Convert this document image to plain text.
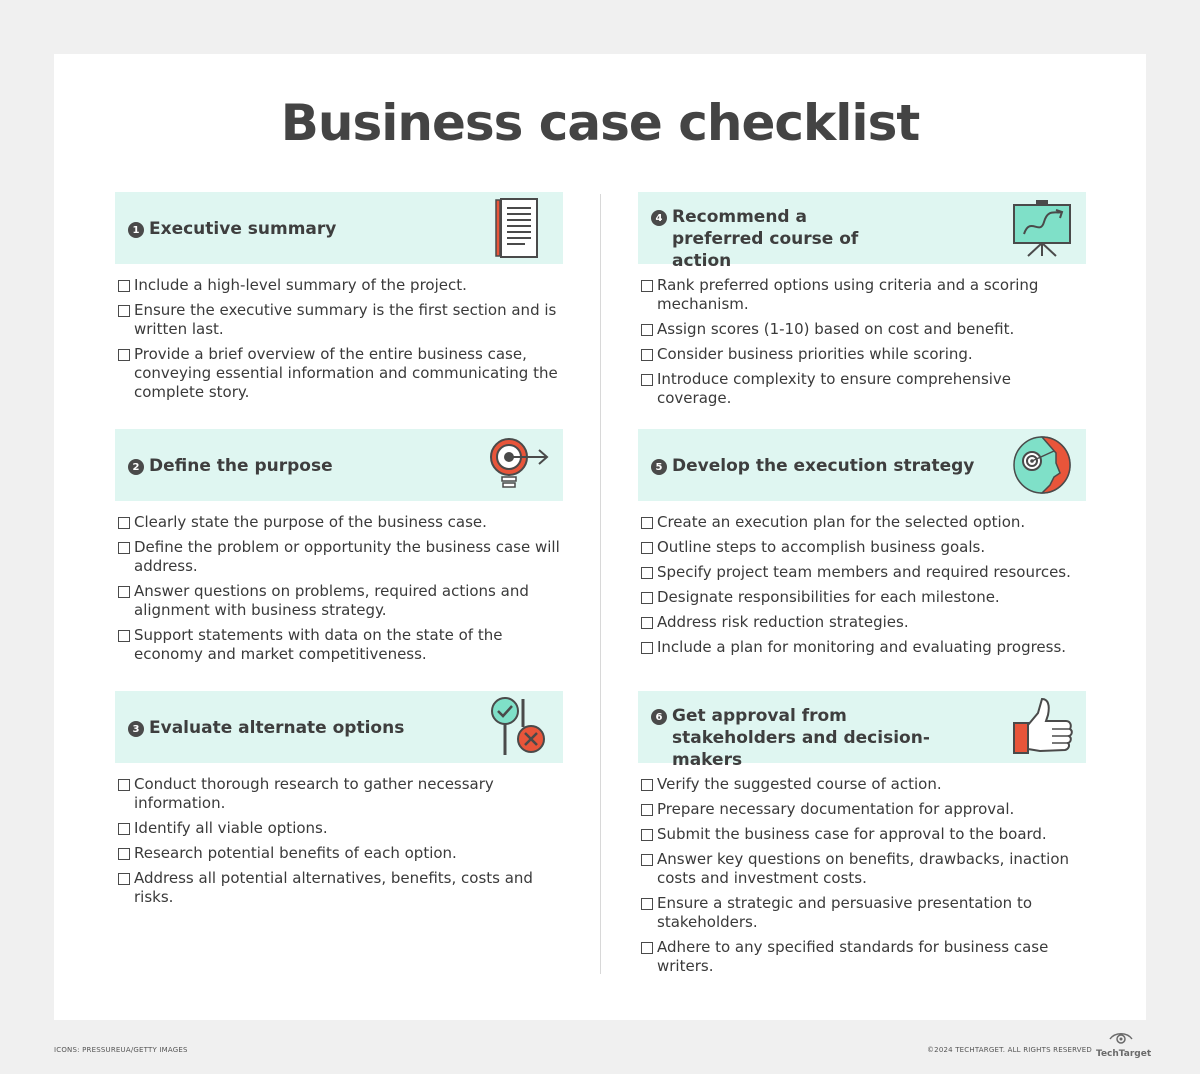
Business case checklist
1 Executive summary
Include a high-level summary of the project.
Ensure the executive summary is the first section and is written last.
Provide a brief overview of the entire business case, conveying essential information and communicating the complete story.
2 Define the purpose
Clearly state the purpose of the business case.
Define the problem or opportunity the business case will address.
Answer questions on problems, required actions and alignment with business strategy.
Support statements with data on the state of the economy and market competitiveness.
3 Evaluate alternate options
Conduct thorough research to gather necessary information.
Identify all viable options.
Research potential benefits of each option.
Address all potential alternatives, benefits, costs and risks.
4 Recommend a preferred course of action
Rank preferred options using criteria and a scoring mechanism.
Assign scores (1-10) based on cost and benefit.
Consider business priorities while scoring.
Introduce complexity to ensure comprehensive coverage.
5 Develop the execution strategy
Create an execution plan for the selected option.
Outline steps to accomplish business goals.
Specify project team members and required resources.
Designate responsibilities for each milestone.
Address risk reduction strategies.
Include a plan for monitoring and evaluating progress.
6 Get approval from stakeholders and decision-makers
Verify the suggested course of action.
Prepare necessary documentation for approval.
Submit the business case for approval to the board.
Answer key questions on benefits, drawbacks, inaction costs and investment costs.
Ensure a strategic and persuasive presentation to stakeholders.
Adhere to any specified standards for business case writers.
ICONS: PRESSUREUA/GETTY IMAGES	©2024 TECHTARGET. ALL RIGHTS RESERVED TechTarget
